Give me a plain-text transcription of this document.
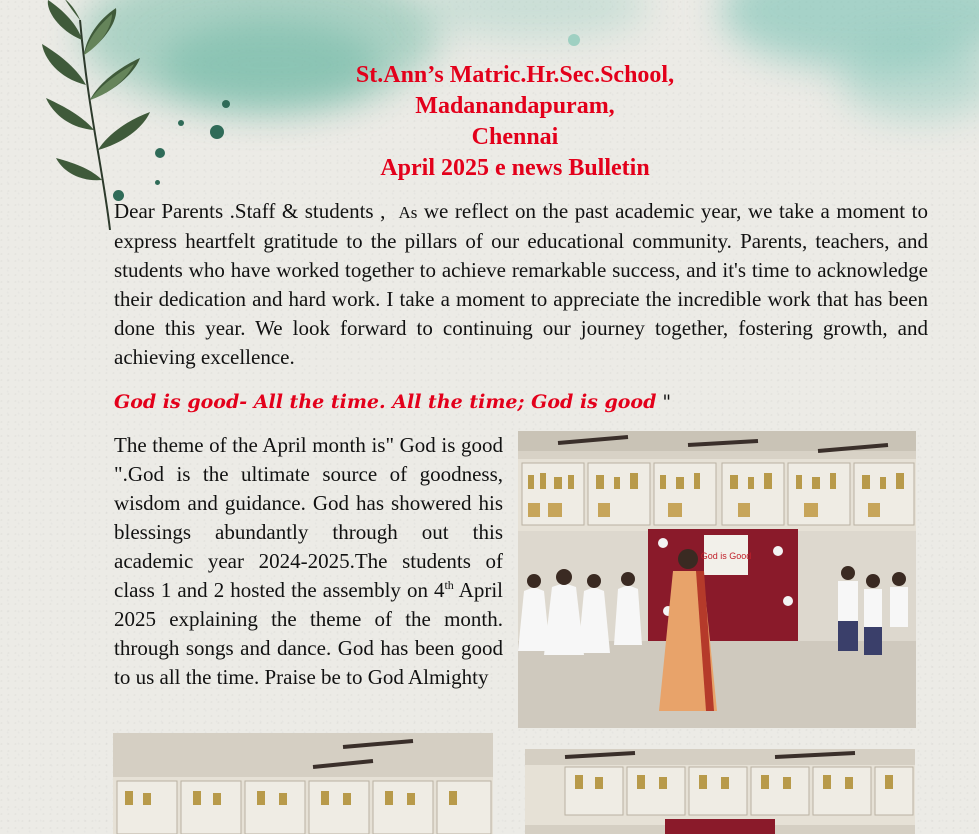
St.Ann’s Matric.Hr.Sec.School,
Madanandapuram,
Chennai
April 2025 e news Bulletin
Dear Parents .Staff & students , As we reflect on the past academic year, we take a moment to express heartfelt gratitude to the pillars of our educational community. Parents, teachers, and students who have worked together to achieve remarkable success, and it's time to acknowledge their dedication and hard work. I take a moment to appreciate the incredible work that has been done this year. We look forward to continuing our journey together, fostering growth, and achieving excellence.
God is good- All the time. All the time; God is good "
The theme of the April month is" God is good ".God is the ultimate source of goodness, wisdom and guidance. God has showered his blessings abundantly through out this academic year 2024-2025.The students of class 1 and 2 hosted the assembly on 4th April 2025 explaining the theme of the month. through songs and dance. God has been good to us all the time. Praise be to God Almighty
God is Good
